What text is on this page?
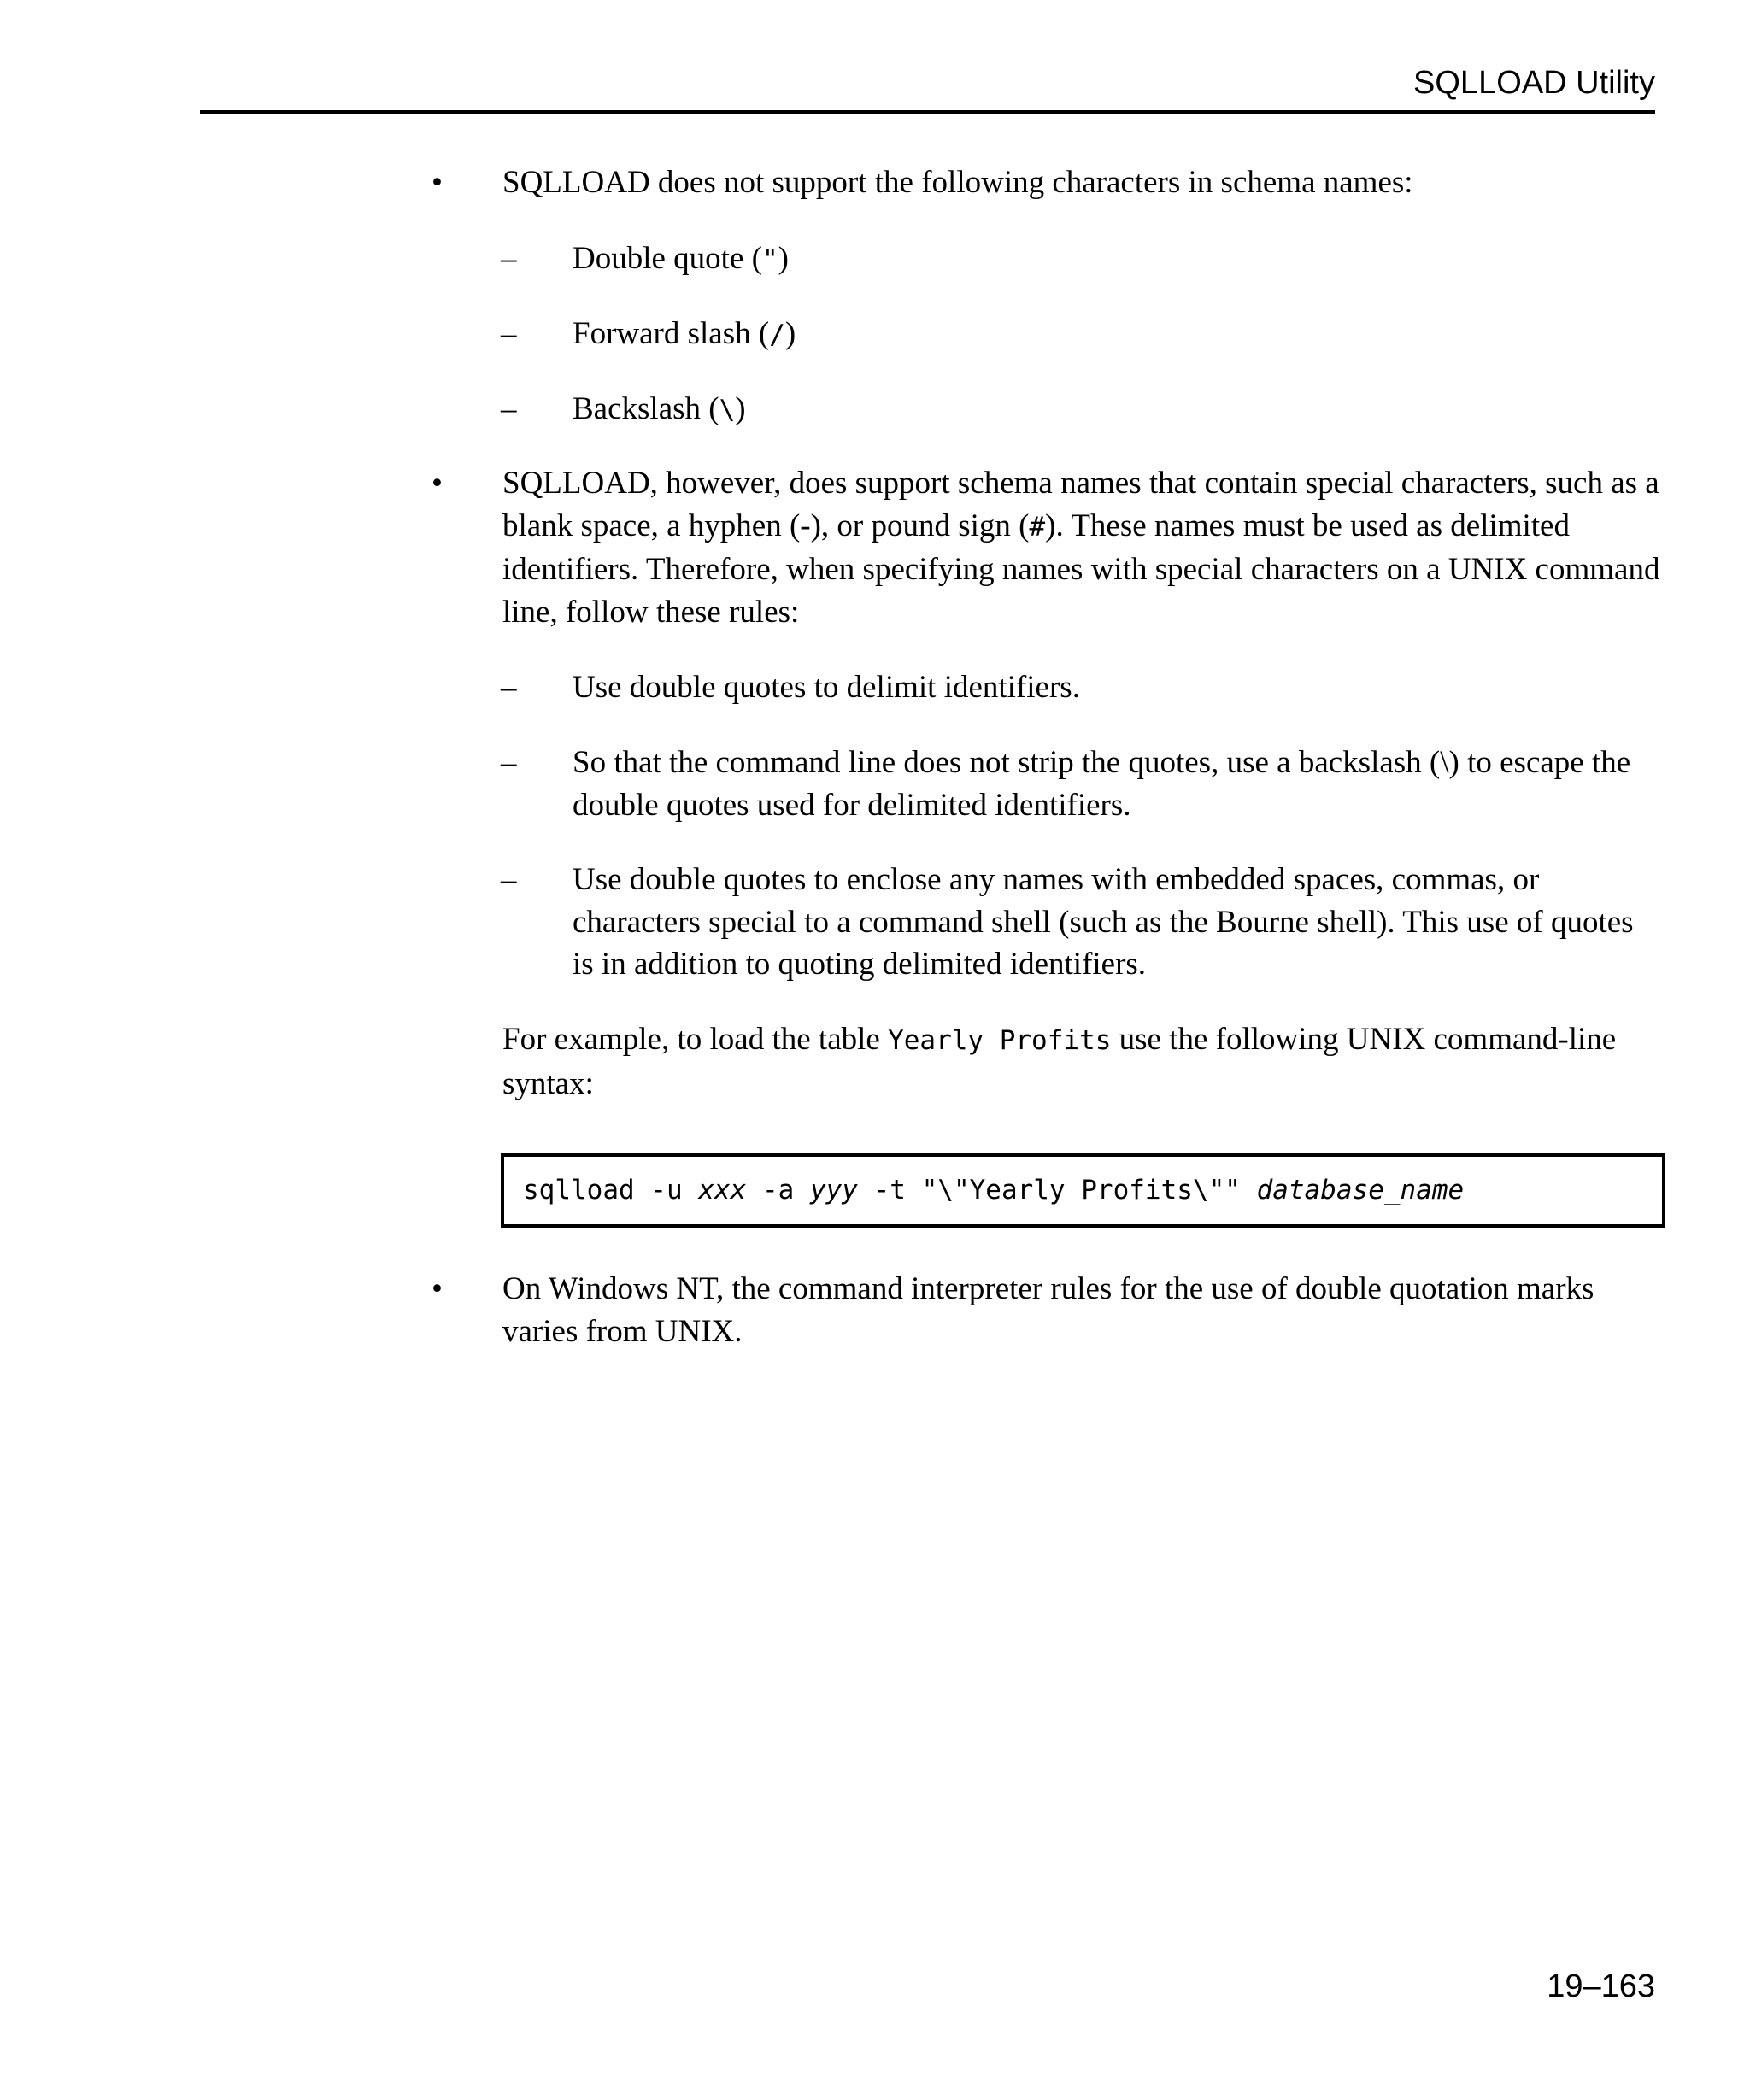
SQLLOAD Utility
• SQLLOAD does not support the following characters in schema names:

– Double quote (")

– Forward slash (/)

– Backslash (\)

• SQLLOAD, however, does support schema names that contain special characters, such as a blank space, a hyphen (-), or pound sign (#). These names must be used as delimited identifiers. Therefore, when specifying names with special characters on a UNIX command line, follow these rules:

– Use double quotes to delimit identifiers.

– So that the command line does not strip the quotes, use a backslash (\) to escape the double quotes used for delimited identifiers.

– Use double quotes to enclose any names with embedded spaces, commas, or characters special to a command shell (such as the Bourne shell). This use of quotes is in addition to quoting delimited identifiers.

For example, to load the table Yearly Profits use the following UNIX command-line syntax:

sqlload -u xxx -a yyy -t "\"Yearly Profits\"" database_name
• On Windows NT, the command interpreter rules for the use of double quotation marks varies from UNIX.

19–163
